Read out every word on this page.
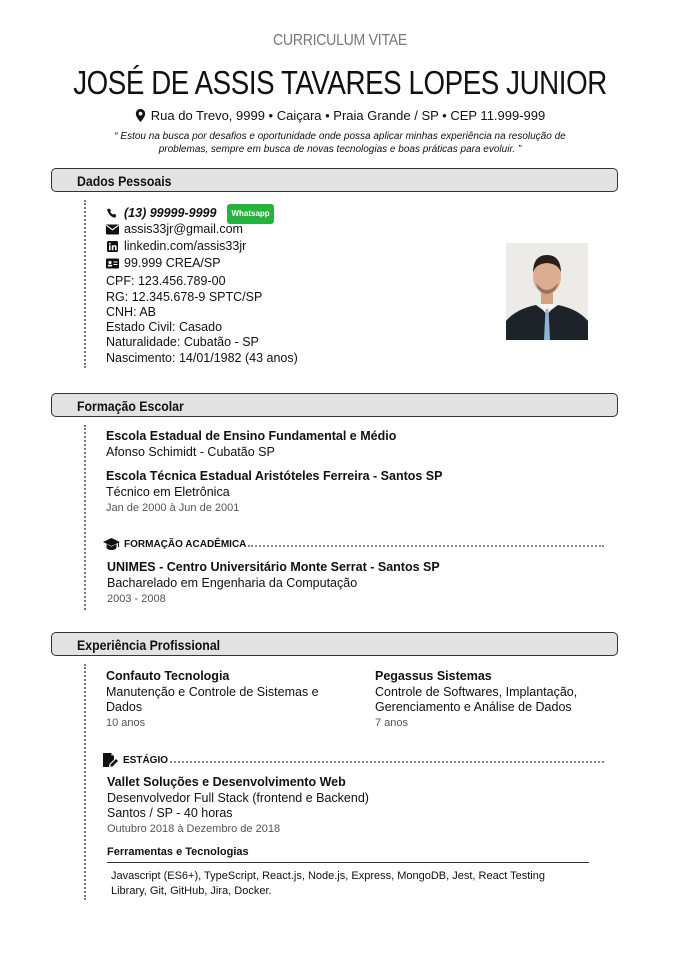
CURRICULUM VITAE
JOSÉ DE ASSIS TAVARES LOPES JUNIOR
Rua do Trevo, 9999 • Caiçara • Praia Grande / SP • CEP 11.999-999
“ Estou na busca por desafios e oportunidade onde possa aplicar minhas experiência na resolução de problemas, sempre em busca de novas tecnologias e boas práticas para evoluir. ”
Dados Pessoais
(13) 99999-9999	Whatsapp
assis33jr@gmail.com
linkedin.com/assis33jr
99.999 CREA/SP
CPF: 123.456.789-00
RG: 12.345.678-9 SPTC/SP
CNH: AB
Estado Civil: Casado
Naturalidade: Cubatão - SP
Nascimento: 14/01/1982 (43 anos)
Formação Escolar
Escola Estadual de Ensino Fundamental e Médio
Afonso Schimidt - Cubatão SP
Escola Técnica Estadual Aristóteles Ferreira - Santos SP
Técnico em Eletrônica
Jan de 2000 à Jun de 2001
FORMAÇÃO ACADÊMICA
UNIMES - Centro Universitário Monte Serrat - Santos SP
Bacharelado em Engenharia da Computação
2003 - 2008
Experiência Profissional
Confauto Tecnologia
Manutenção e Controle de Sistemas e
Dados
10 anos
Pegassus Sistemas
Controle de Softwares, Implantação,
Gerenciamento e Análise de Dados
7 anos
ESTÁGIO
Vallet Soluções e Desenvolvimento Web
Desenvolvedor Full Stack (frontend e Backend)
Santos / SP - 40 horas
Outubro 2018 à Dezembro de 2018
Ferramentas e Tecnologias
Javascript (ES6+), TypeScript, React.js, Node.js, Express, MongoDB, Jest, React Testing
Library, Git, GitHub, Jira, Docker.
